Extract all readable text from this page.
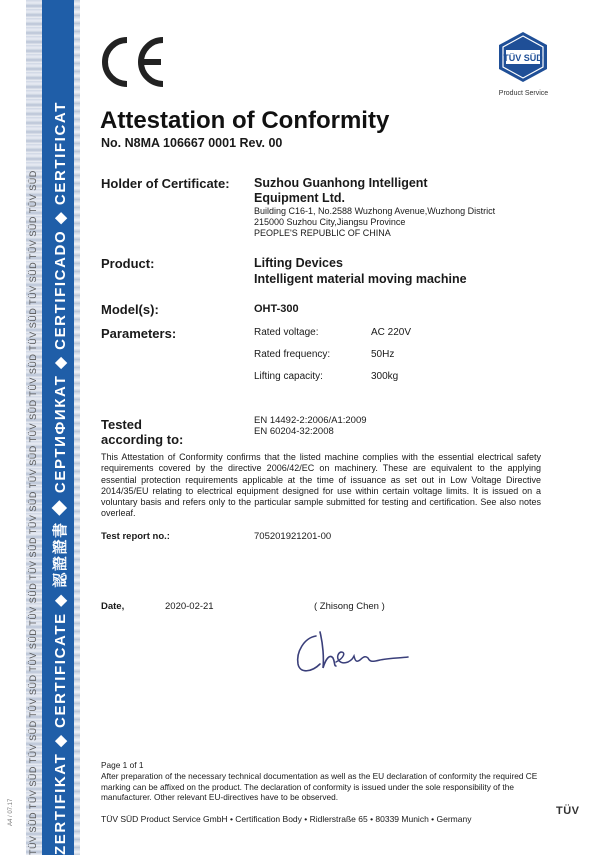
TÜV SÜD TÜV SÜD TÜV SÜD TÜV SÜD TÜV SÜD TÜV SÜD TÜV SÜD TÜV SÜD TÜV SÜD TÜV SÜD TÜV SÜD TÜV SÜD TÜV SÜD TÜV SÜD TÜV SÜD ZERTIFIKAT ◆ CERTIFICATE ◆ 認證證書 ◆ СЕРТИФИКАТ ◆ CERTIFICADO ◆ CERTIFICAT
A4 / 07.17
TÜV SÜD
Product Service
Attestation of Conformity
No. N8MA 106667 0001 Rev. 00
Holder of Certificate: Suzhou Guanhong Intelligent
Equipment Ltd.
Building C16-1, No.2588 Wuzhong Avenue,Wuzhong District
215000 Suzhou City,Jiangsu Province
PEOPLE'S REPUBLIC OF CHINA
Product:	Lifting Devices
Intelligent material moving machine
Model(s):	OHT-300
Parameters:	Rated voltage:	AC 220V
Rated frequency:	50Hz
Lifting capacity:	300kg
Tested
according to:
EN 14492-2:2006/A1:2009
EN 60204-32:2008
This Attestation of Conformity confirms that the listed machine complies with the essential electrical safety requirements covered by the directive 2006/42/EC on machinery. These are equivalent to the applying essential protection requirements applicable at the time of issuance as set out in Low Voltage Directive 2014/35/EU relating to electrical equipment designed for use within certain voltage limits. It is issued on a voluntary basis and refers only to the particular sample submitted for testing and certification. See also notes overleaf.
Test report no.:	705201921201-00
Date,	2020-02-21	( Zhisong Chen )
Page 1 of 1
After preparation of the necessary technical documentation as well as the EU declaration of conformity the required CE marking can be affixed on the product. The declaration of conformity is issued under the sole responsibility of the manufacturer. Other relevant EU-directives have to be observed.
TÜV SÜD Product Service GmbH • Certification Body • Ridlerstraße 65 • 80339 Munich • Germany
TÜV
